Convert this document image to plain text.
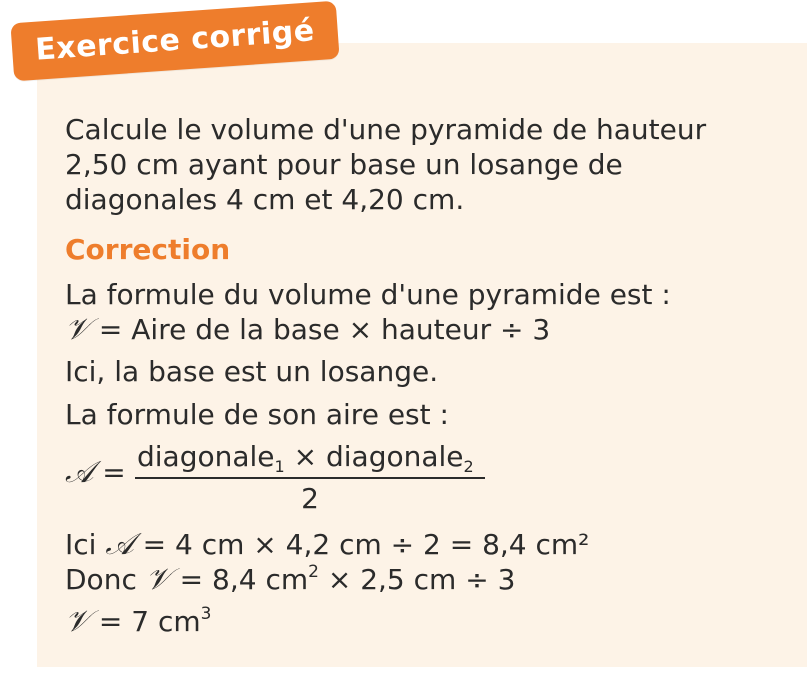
Exercice corrigé
Calcule le volume d'une pyramide de hauteur
2,50 cm ayant pour base un losange de
diagonales 4 cm et 4,20 cm.
Correction
La formule du volume d'une pyramide est :
𝒱 = Aire de la base × hauteur ÷ 3
Ici, la base est un losange.
La formule de son aire est :
𝒜 = diagonale$_1$ × diagonale$_2$
2
Ici 𝒜 = 4 cm × 4,2 cm ÷ 2 = 8,4 cm²
Donc 𝒱 = 8,4 $cm^2 \times 2,5$ cm ÷ 3
𝒱 = 7 $cm^3$
